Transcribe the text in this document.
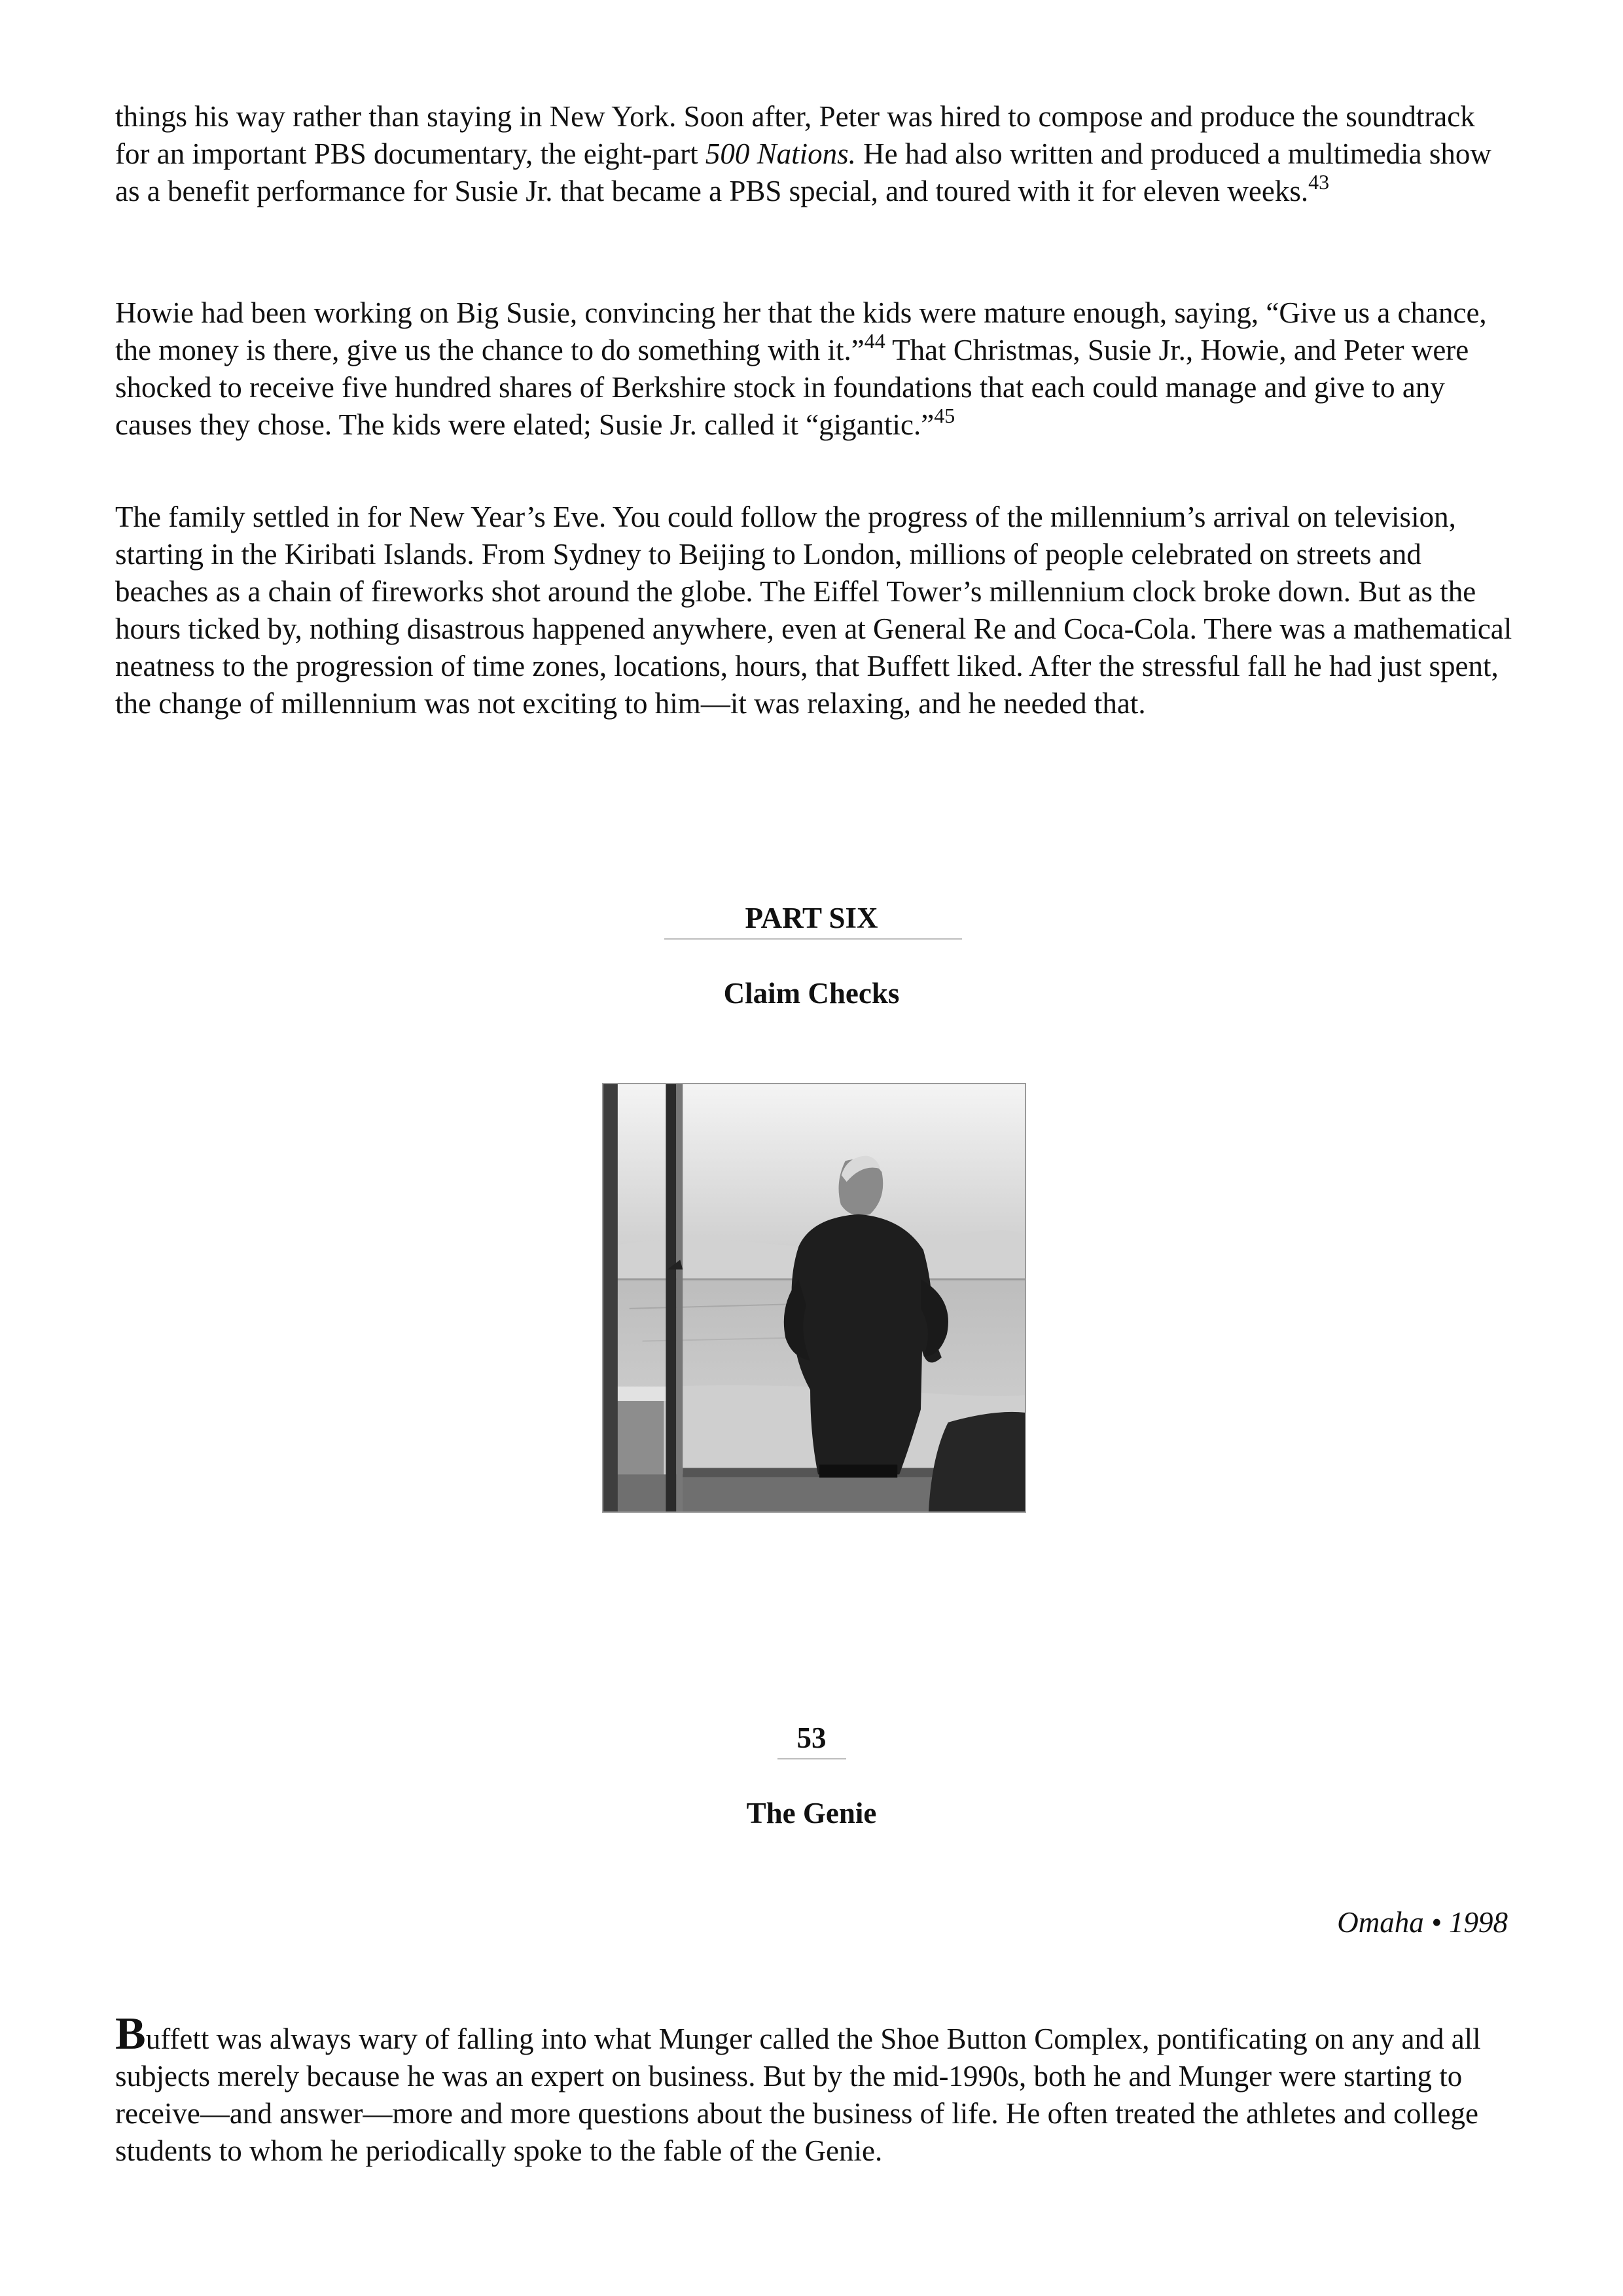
things his way rather than staying in New York. Soon after, Peter was hired to compose and produce the soundtrack for an important PBS documentary, the eight-part 500 Nations. He had also written and produced a multimedia show as a benefit performance for Susie Jr. that became a PBS special, and toured with it for eleven weeks.$^{43}$

Howie had been working on Big Susie, convincing her that the kids were mature enough, saying, “Give us a chance, the money is there, give us the chance to do something with it.”$^{44}$ That Christmas, Susie Jr., Howie, and Peter were shocked to receive five hundred shares of Berkshire stock in foundations that each could manage and give to any causes they chose. The kids were elated; Susie Jr. called it “gigantic.”$^{45}$

The family settled in for New Year’s Eve. You could follow the progress of the millennium’s arrival on television, starting in the Kiribati Islands. From Sydney to Beijing to London, millions of people celebrated on streets and beaches as a chain of fireworks shot around the globe. The Eiffel Tower’s millennium clock broke down. But as the hours ticked by, nothing disastrous happened anywhere, even at General Re and Coca-Cola. There was a mathematical neatness to the progression of time zones, locations, hours, that Buffett liked. After the stressful fall he had just spent, the change of millennium was not exciting to him—it was relaxing, and he needed that.

PART SIX
Claim Checks
53
The Genie
Omaha • 1998

Buffett was always wary of falling into what Munger called the Shoe Button Complex, pontificating on any and all subjects merely because he was an expert on business. But by the mid-1990s, both he and Munger were starting to receive—and answer—more and more questions about the business of life. He often treated the athletes and college students to whom he periodically spoke to the fable of the Genie.
